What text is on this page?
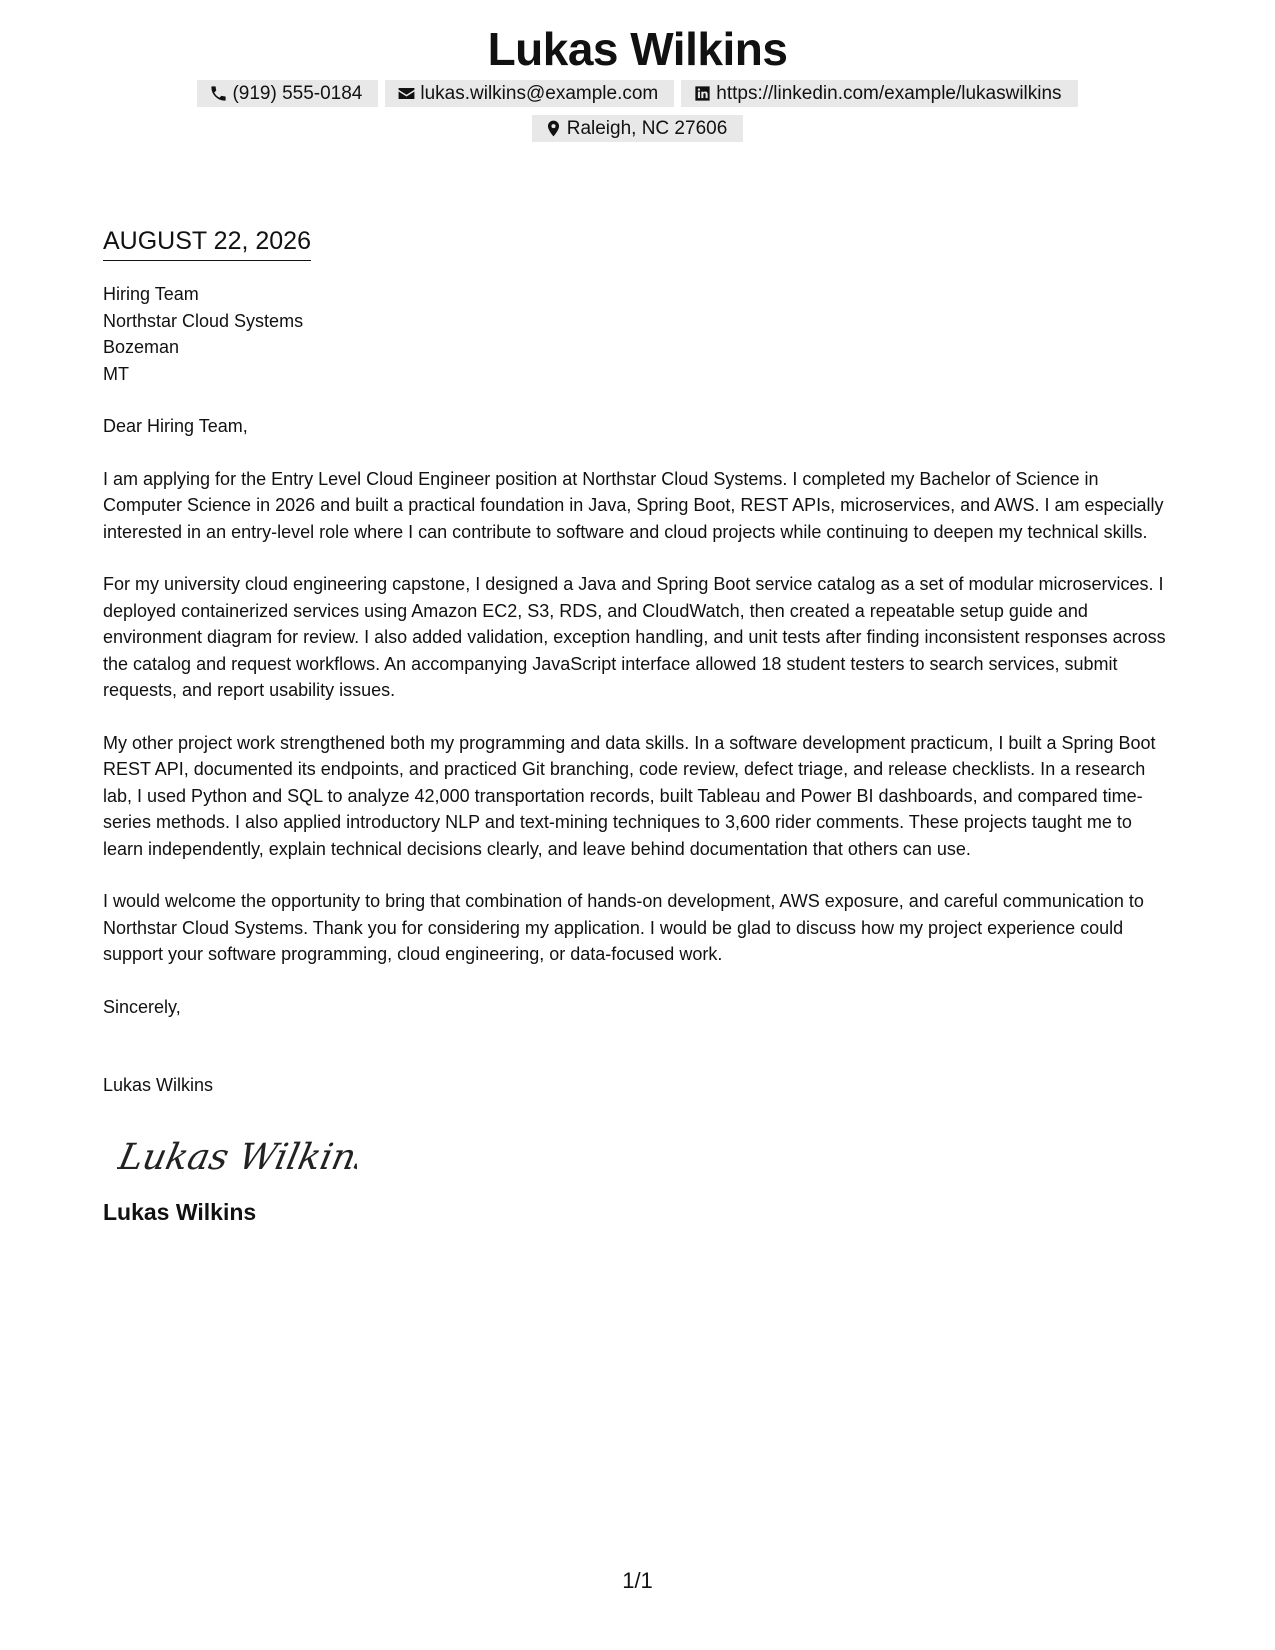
Lukas Wilkins
(919) 555-0184	lukas.wilkins@example.com	https://linkedin.com/example/lukaswilkins
Raleigh, NC 27606
AUGUST 22, 2026

Hiring Team

Northstar Cloud Systems

Bozeman

MT

Dear Hiring Team,

I am applying for the Entry Level Cloud Engineer position at Northstar Cloud Systems. I completed my Bachelor of Science in Computer Science in 2026 and built a practical foundation in Java, Spring Boot, REST APIs, microservices, and AWS. I am especially interested in an entry-level role where I can contribute to software and cloud projects while continuing to deepen my technical skills.

For my university cloud engineering capstone, I designed a Java and Spring Boot service catalog as a set of modular microservices. I deployed containerized services using Amazon EC2, S3, RDS, and CloudWatch, then created a repeatable setup guide and environment diagram for review. I also added validation, exception handling, and unit tests after finding inconsistent responses across the catalog and request workflows. An accompanying JavaScript interface allowed 18 student testers to search services, submit requests, and report usability issues.

My other project work strengthened both my programming and data skills. In a software development practicum, I built a Spring Boot REST API, documented its endpoints, and practiced Git branching, code review, defect triage, and release checklists. In a research lab, I used Python and SQL to analyze 42,000 transportation records, built Tableau and Power BI dashboards, and compared time-series methods. I also applied introductory NLP and text-mining techniques to 3,600 rider comments. These projects taught me to learn independently, explain technical decisions clearly, and leave behind documentation that others can use.

I would welcome the opportunity to bring that combination of hands-on development, AWS exposure, and careful communication to Northstar Cloud Systems. Thank you for considering my application. I would be glad to discuss how my project experience could support your software programming, cloud engineering, or data-focused work.

Sincerely,

Lukas Wilkins

Lukas Wilkins
Lukas Wilkins
1/1
